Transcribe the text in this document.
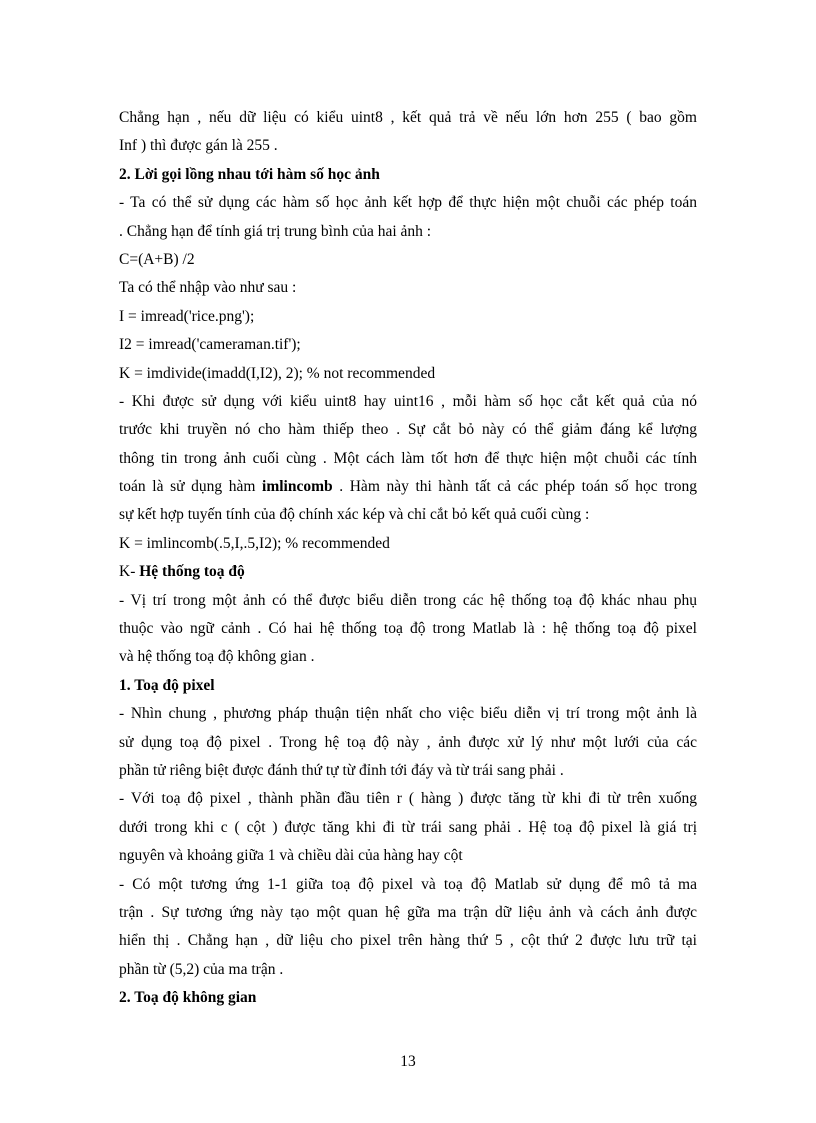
Chẳng hạn , nếu dữ liệu có kiểu uint8 , kết quả trả về nếu lớn hơn 255 ( bao gồm
Inf ) thì được gán là 255 .
2. Lời gọi lồng nhau tới hàm số học ảnh
- Ta có thể sử dụng các hàm số học ảnh kết hợp để thực hiện một chuỗi các phép toán
. Chẳng hạn để tính giá trị trung bình của hai ảnh :
C=(A+B) /2
Ta có thể nhập vào như sau :
I = imread('rice.png');
I2 = imread('cameraman.tif');
K = imdivide(imadd(I,I2), 2); % not recommended
- Khi được sử dụng với kiểu uint8 hay uint16 , mỗi hàm số học cắt kết quả của nó
trước khi truyền nó cho hàm thiếp theo . Sự cắt bỏ này có thể giảm đáng kể lượng
thông tin trong ảnh cuối cùng . Một cách làm tốt hơn để thực hiện một chuỗi các tính
toán là sử dụng hàm imlincomb . Hàm này thi hành tất cả các phép toán số học trong
sự kết hợp tuyến tính của độ chính xác kép và chỉ cắt bỏ kết quả cuối cùng :
K = imlincomb(.5,I,.5,I2); % recommended
K- Hệ thống toạ độ
- Vị trí trong một ảnh có thể được biểu diễn trong các hệ thống toạ độ khác nhau phụ
thuộc vào ngữ cảnh . Có hai hệ thống toạ độ trong Matlab là : hệ thống toạ độ pixel
và hệ thống toạ độ không gian .
1. Toạ độ pixel
- Nhìn chung , phương pháp thuận tiện nhất cho việc biểu diễn vị trí trong một ảnh là
sử dụng toạ độ pixel . Trong hệ toạ độ này , ảnh được xử lý như một lưới của các
phần tử riêng biệt được đánh thứ tự từ đỉnh tới đáy và từ trái sang phải .
- Với toạ độ pixel , thành phần đầu tiên r ( hàng ) được tăng từ khi đi từ trên xuống
dưới trong khi c ( cột ) được tăng khi đi từ trái sang phải . Hệ toạ độ pixel là giá trị
nguyên và khoảng giữa 1 và chiều dài của hàng hay cột
- Có một tương ứng 1-1 giữa toạ độ pixel và toạ độ Matlab sử dụng để mô tả ma
trận . Sự tương ứng này tạo một quan hệ gữa ma trận dữ liệu ảnh và cách ảnh được
hiển thị . Chẳng hạn , dữ liệu cho pixel trên hàng thứ 5 , cột thứ 2 được lưu trữ tại
phần từ (5,2) của ma trận .
2. Toạ độ không gian
13
